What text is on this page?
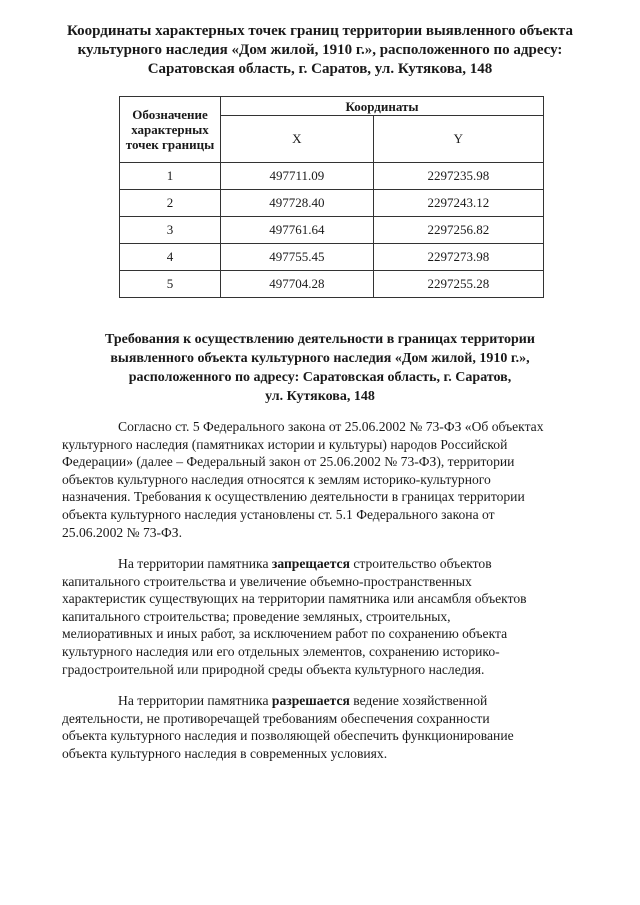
Координаты характерных точек границ территории выявленного объекта
культурного наследия «Дом жилой, 1910 г.», расположенного по адресу:
Саратовская область, г. Саратов, ул. Кутякова, 148
Обозначение характерных точек границы	Координаты	
	X	Y
1	497711.09	2297235.98
2	497728.40	2297243.12
3	497761.64	2297256.82
4	497755.45	2297273.98
5	497704.28	2297255.28
Требования к осуществлению деятельности в границах территории
выявленного объекта культурного наследия «Дом жилой, 1910 г.»,
расположенного по адресу: Саратовская область, г. Саратов,
ул. Кутякова, 148
Согласно ст. 5 Федерального закона от 25.06.2002 № 73-ФЗ «Об объектах
культурного наследия (памятниках истории и культуры) народов Российской
Федерации» (далее – Федеральный закон от 25.06.2002 № 73-ФЗ), территории
объектов культурного наследия относятся к землям историко-культурного
назначения. Требования к осуществлению деятельности в границах территории
объекта культурного наследия установлены ст. 5.1 Федерального закона от
25.06.2002 № 73-ФЗ.
На территории памятника запрещается строительство объектов
капитального строительства и увеличение объемно-пространственных
характеристик существующих на территории памятника или ансамбля объектов
капитального строительства; проведение земляных, строительных,
мелиоративных и иных работ, за исключением работ по сохранению объекта
культурного наследия или его отдельных элементов, сохранению историко-
градостроительной или природной среды объекта культурного наследия.
На территории памятника разрешается ведение хозяйственной
деятельности, не противоречащей требованиям обеспечения сохранности
объекта культурного наследия и позволяющей обеспечить функционирование
объекта культурного наследия в современных условиях.
